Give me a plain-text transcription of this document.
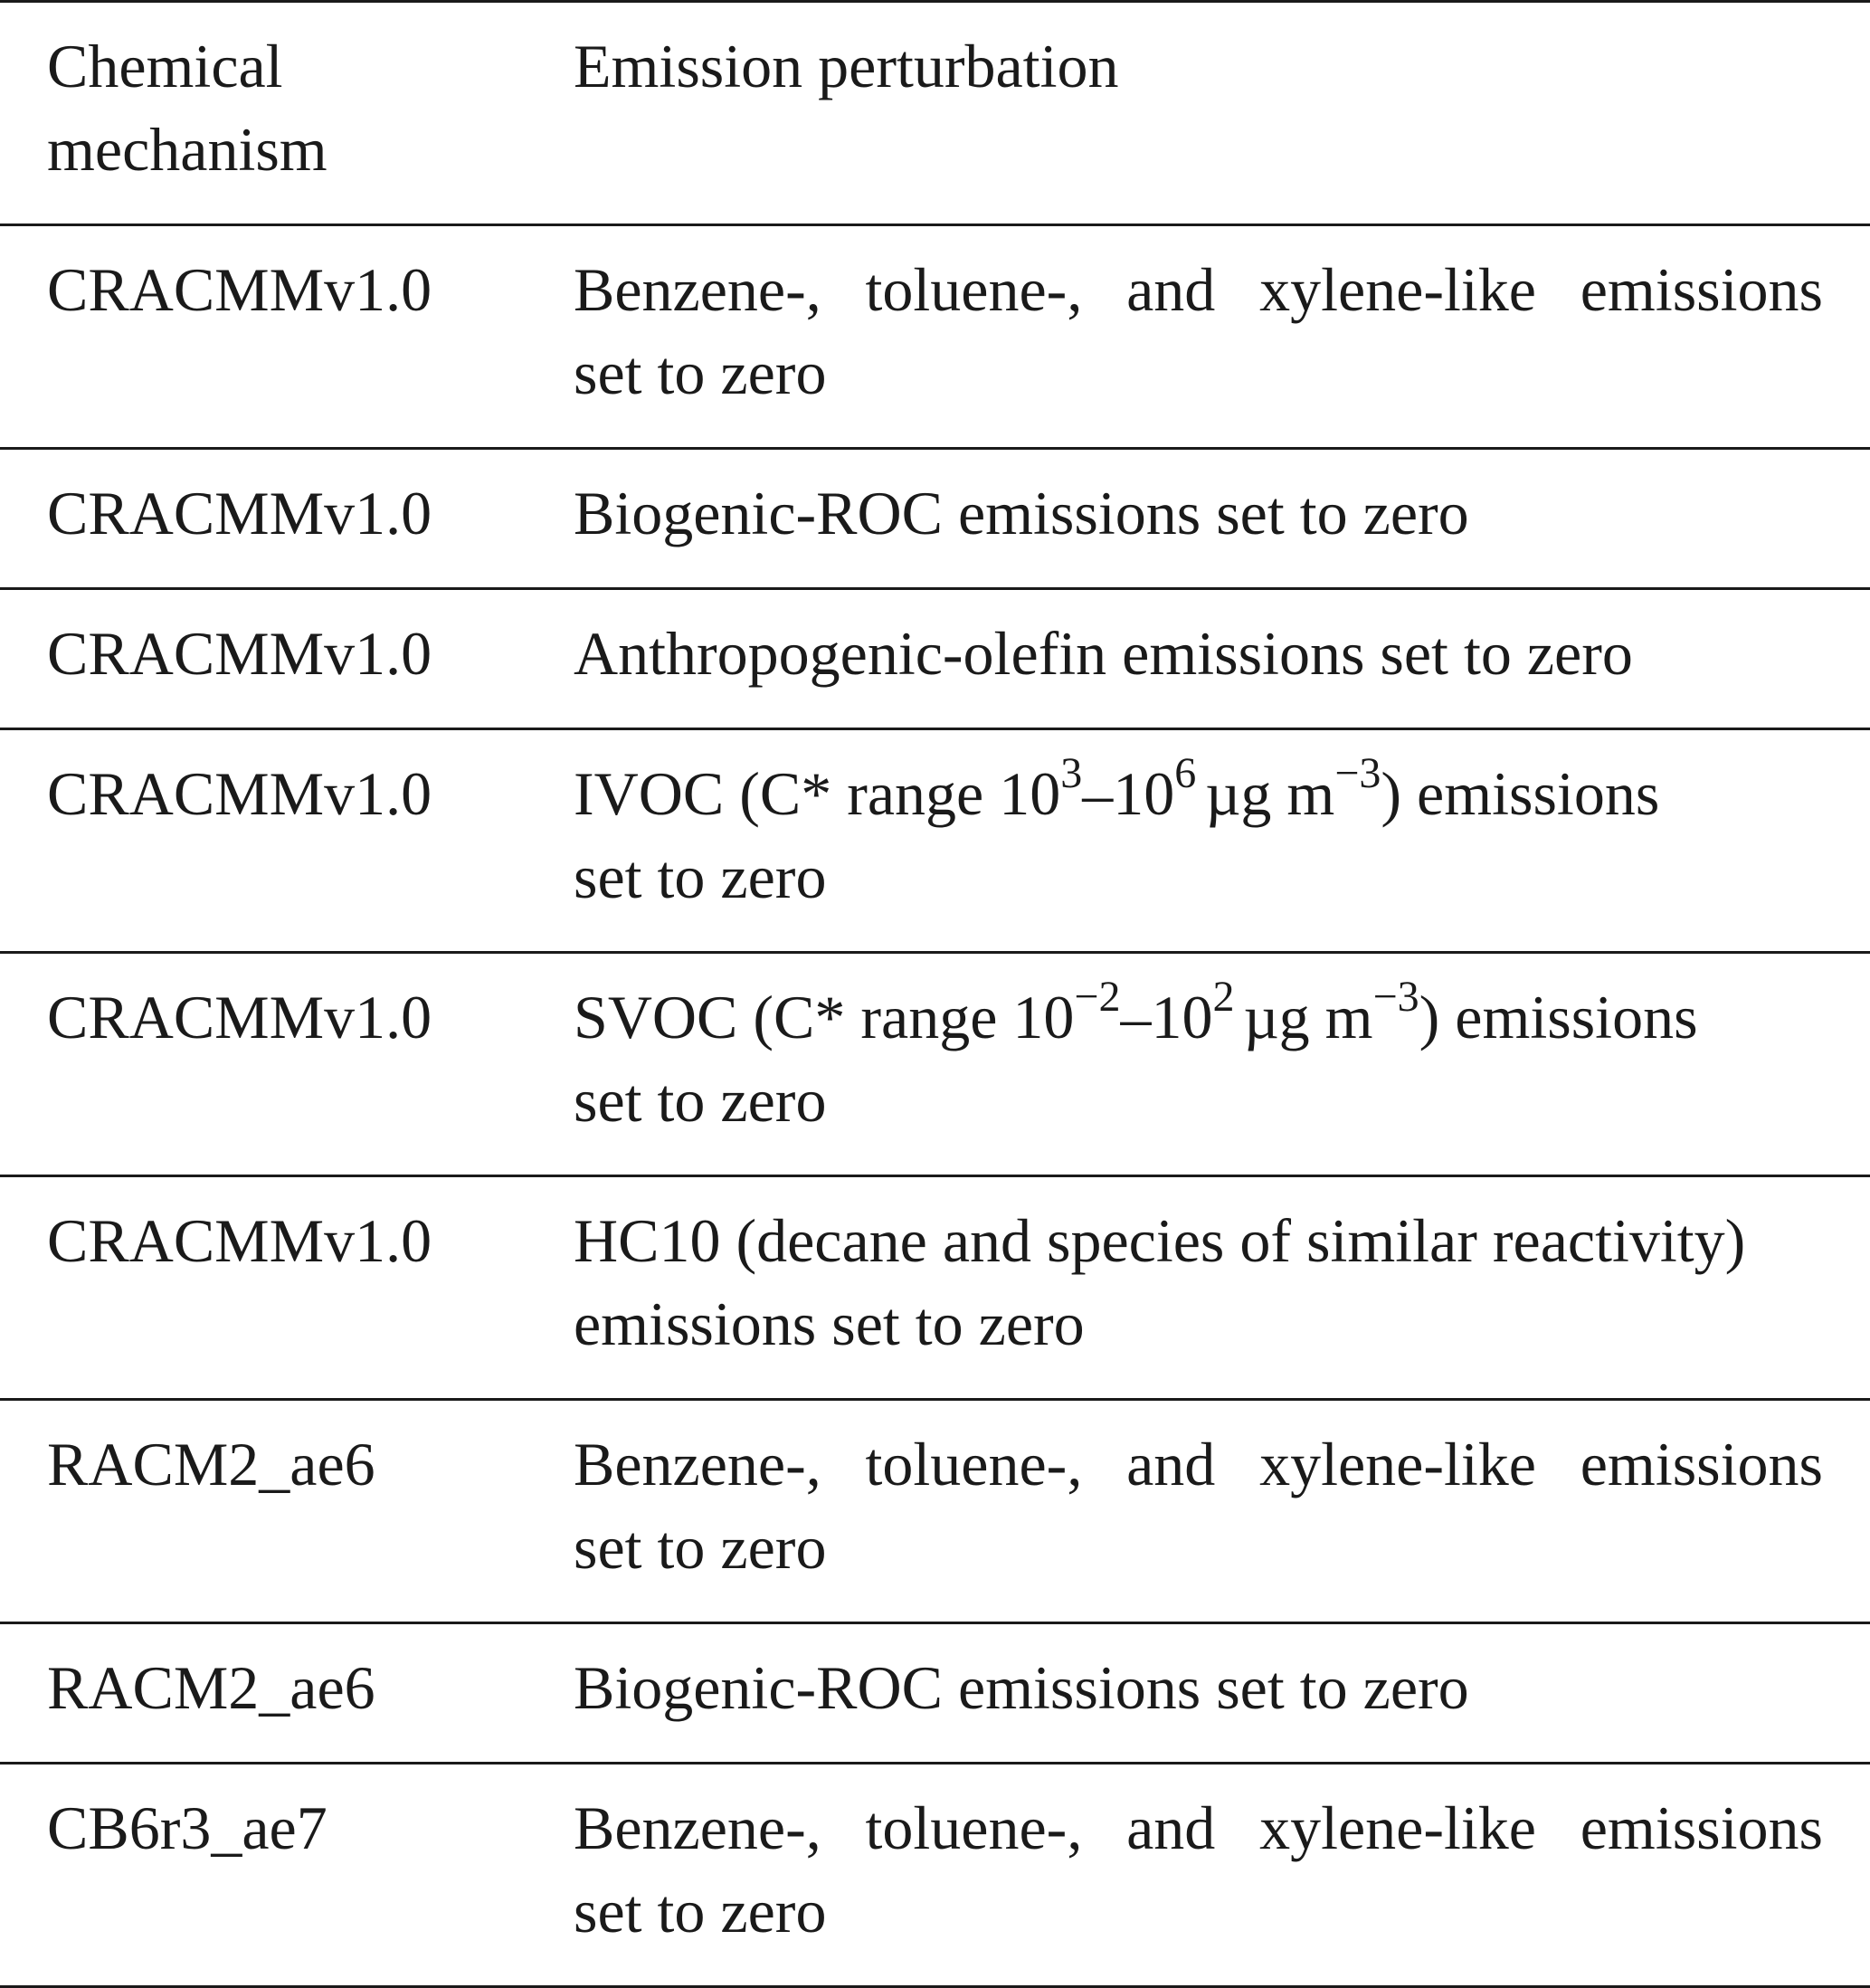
Chemical
mechanism	Emission perturbation
CRACMMv1.0	Benzene-, toluene-, and xylene-like emissions
set to zero

CRACMMv1.0	Biogenic-ROC emissions set to zero

CRACMMv1.0	Anthropogenic-olefin emissions set to zero

CRACMMv1.0	IVOC (C* range $10^3-10^6$ µg $m^{-3}$) emissions
set to zero

CRACMMv1.0	SVOC (C* range $10^{-2}-10^2$ µg $m^{-3}$) emissions
set to zero

CRACMMv1.0	HC10 (decane and species of similar reactivity)
emissions set to zero

RACM2_ae6	Benzene-, toluene-, and xylene-like emissions
set to zero

RACM2_ae6	Biogenic-ROC emissions set to zero

CB6r3_ae7	Benzene-, toluene-, and xylene-like emissions
set to zero
